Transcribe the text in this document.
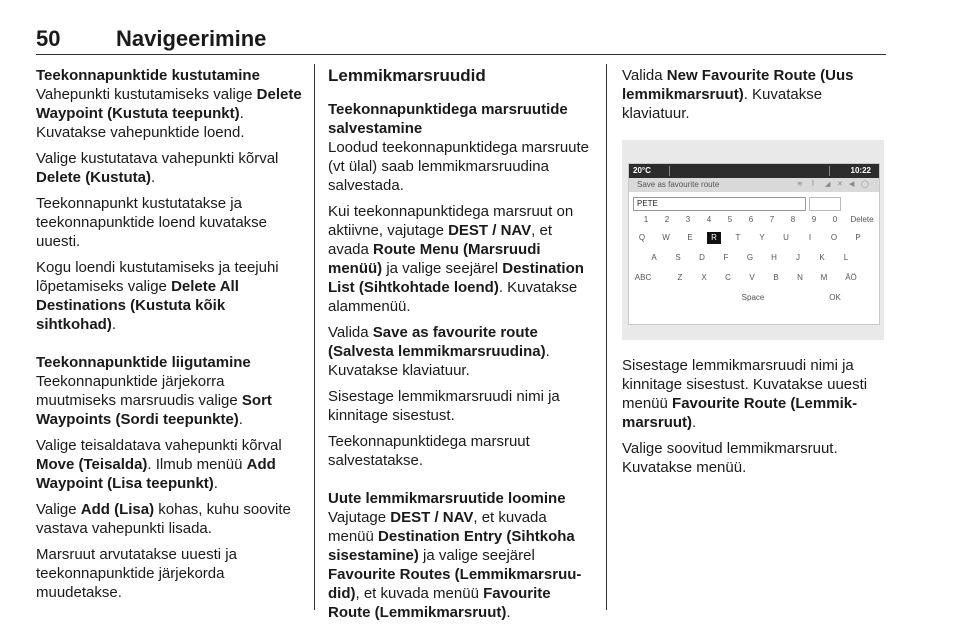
50	Navigeerimine
Teekonnapunktide kustutamine

Vahepunkti kustutamiseks valige Delete Waypoint (Kustuta teepunkt). Kuvatakse vahepunktide loend.

Valige kustutatava vahepunkti kõrval Delete (Kustuta).

Teekonnapunkt kustutatakse ja teekonnapunktide loend kuvatakse uuesti.

Kogu loendi kustutamiseks ja teejuhi lõpetamiseks valige Delete All Destinations (Kustuta kõik sihtkohad).

Teekonnapunktide liigutamine

Teekonnapunktide järjekorra muutmiseks marsruudis valige Sort Waypoints (Sordi teepunkte).

Valige teisaldatava vahepunkti kõrval Move (Teisalda). Ilmub menüü Add Waypoint (Lisa teepunkt).

Valige Add (Lisa) kohas, kuhu soovite vastava vahepunkti lisada.

Marsruut arvutatakse uuesti ja teekonnapunktide järjekorda muudetakse.

Lemmikmarsruudid
Teekonnapunktidega marsruutide salvestamine

Loodud teekonnapunktidega marsruute (vt ülal) saab lemmikmarsruudina salvestada.

Kui teekonnapunktidega marsruut on aktiivne, vajutage DEST / NAV, et avada Route Menu (Marsruudi menüü) ja valige seejärel Destination List (Sihtkohtade loend). Kuvatakse alammenüü.

Valida Save as favourite route (Salvesta lemmikmarsruudina). Kuvatakse klaviatuur.

Sisestage lemmikmarsruudi nimi ja kinnitage sisestust.

Teekonnapunktidega marsruut salvestatakse.

Uute lemmikmarsruutide loomine

Vajutage DEST / NAV, et kuvada menüü Destination Entry (Sihtkoha sisestamine) ja valige seejärel Favourite Routes (Lemmikmarsruu-did), et kuvada menüü Favourite Route (Lemmikmarsruut).

Valida New Favourite Route (Uus lemmikmarsruut). Kuvatakse klaviatuur.

20°C	10:22
Save as favourite route	≋ ᛒ ◢ ✕ ◀ ◯
PETE
1	2	3	4	5	6	7	8	9	0	Delete
Q	W	E	R	T	Y	U	I	O	P
A	S	D	F	G	H	J	K	L
ABC	Z	X	C	V	B	N	M	ÄÖ
Space	OK

Sisestage lemmikmarsruudi nimi ja kinnitage sisestust. Kuvatakse uuesti menüü Favourite Route (Lemmik-marsruut).

Valige soovitud lemmikmarsruut. Kuvatakse menüü.
